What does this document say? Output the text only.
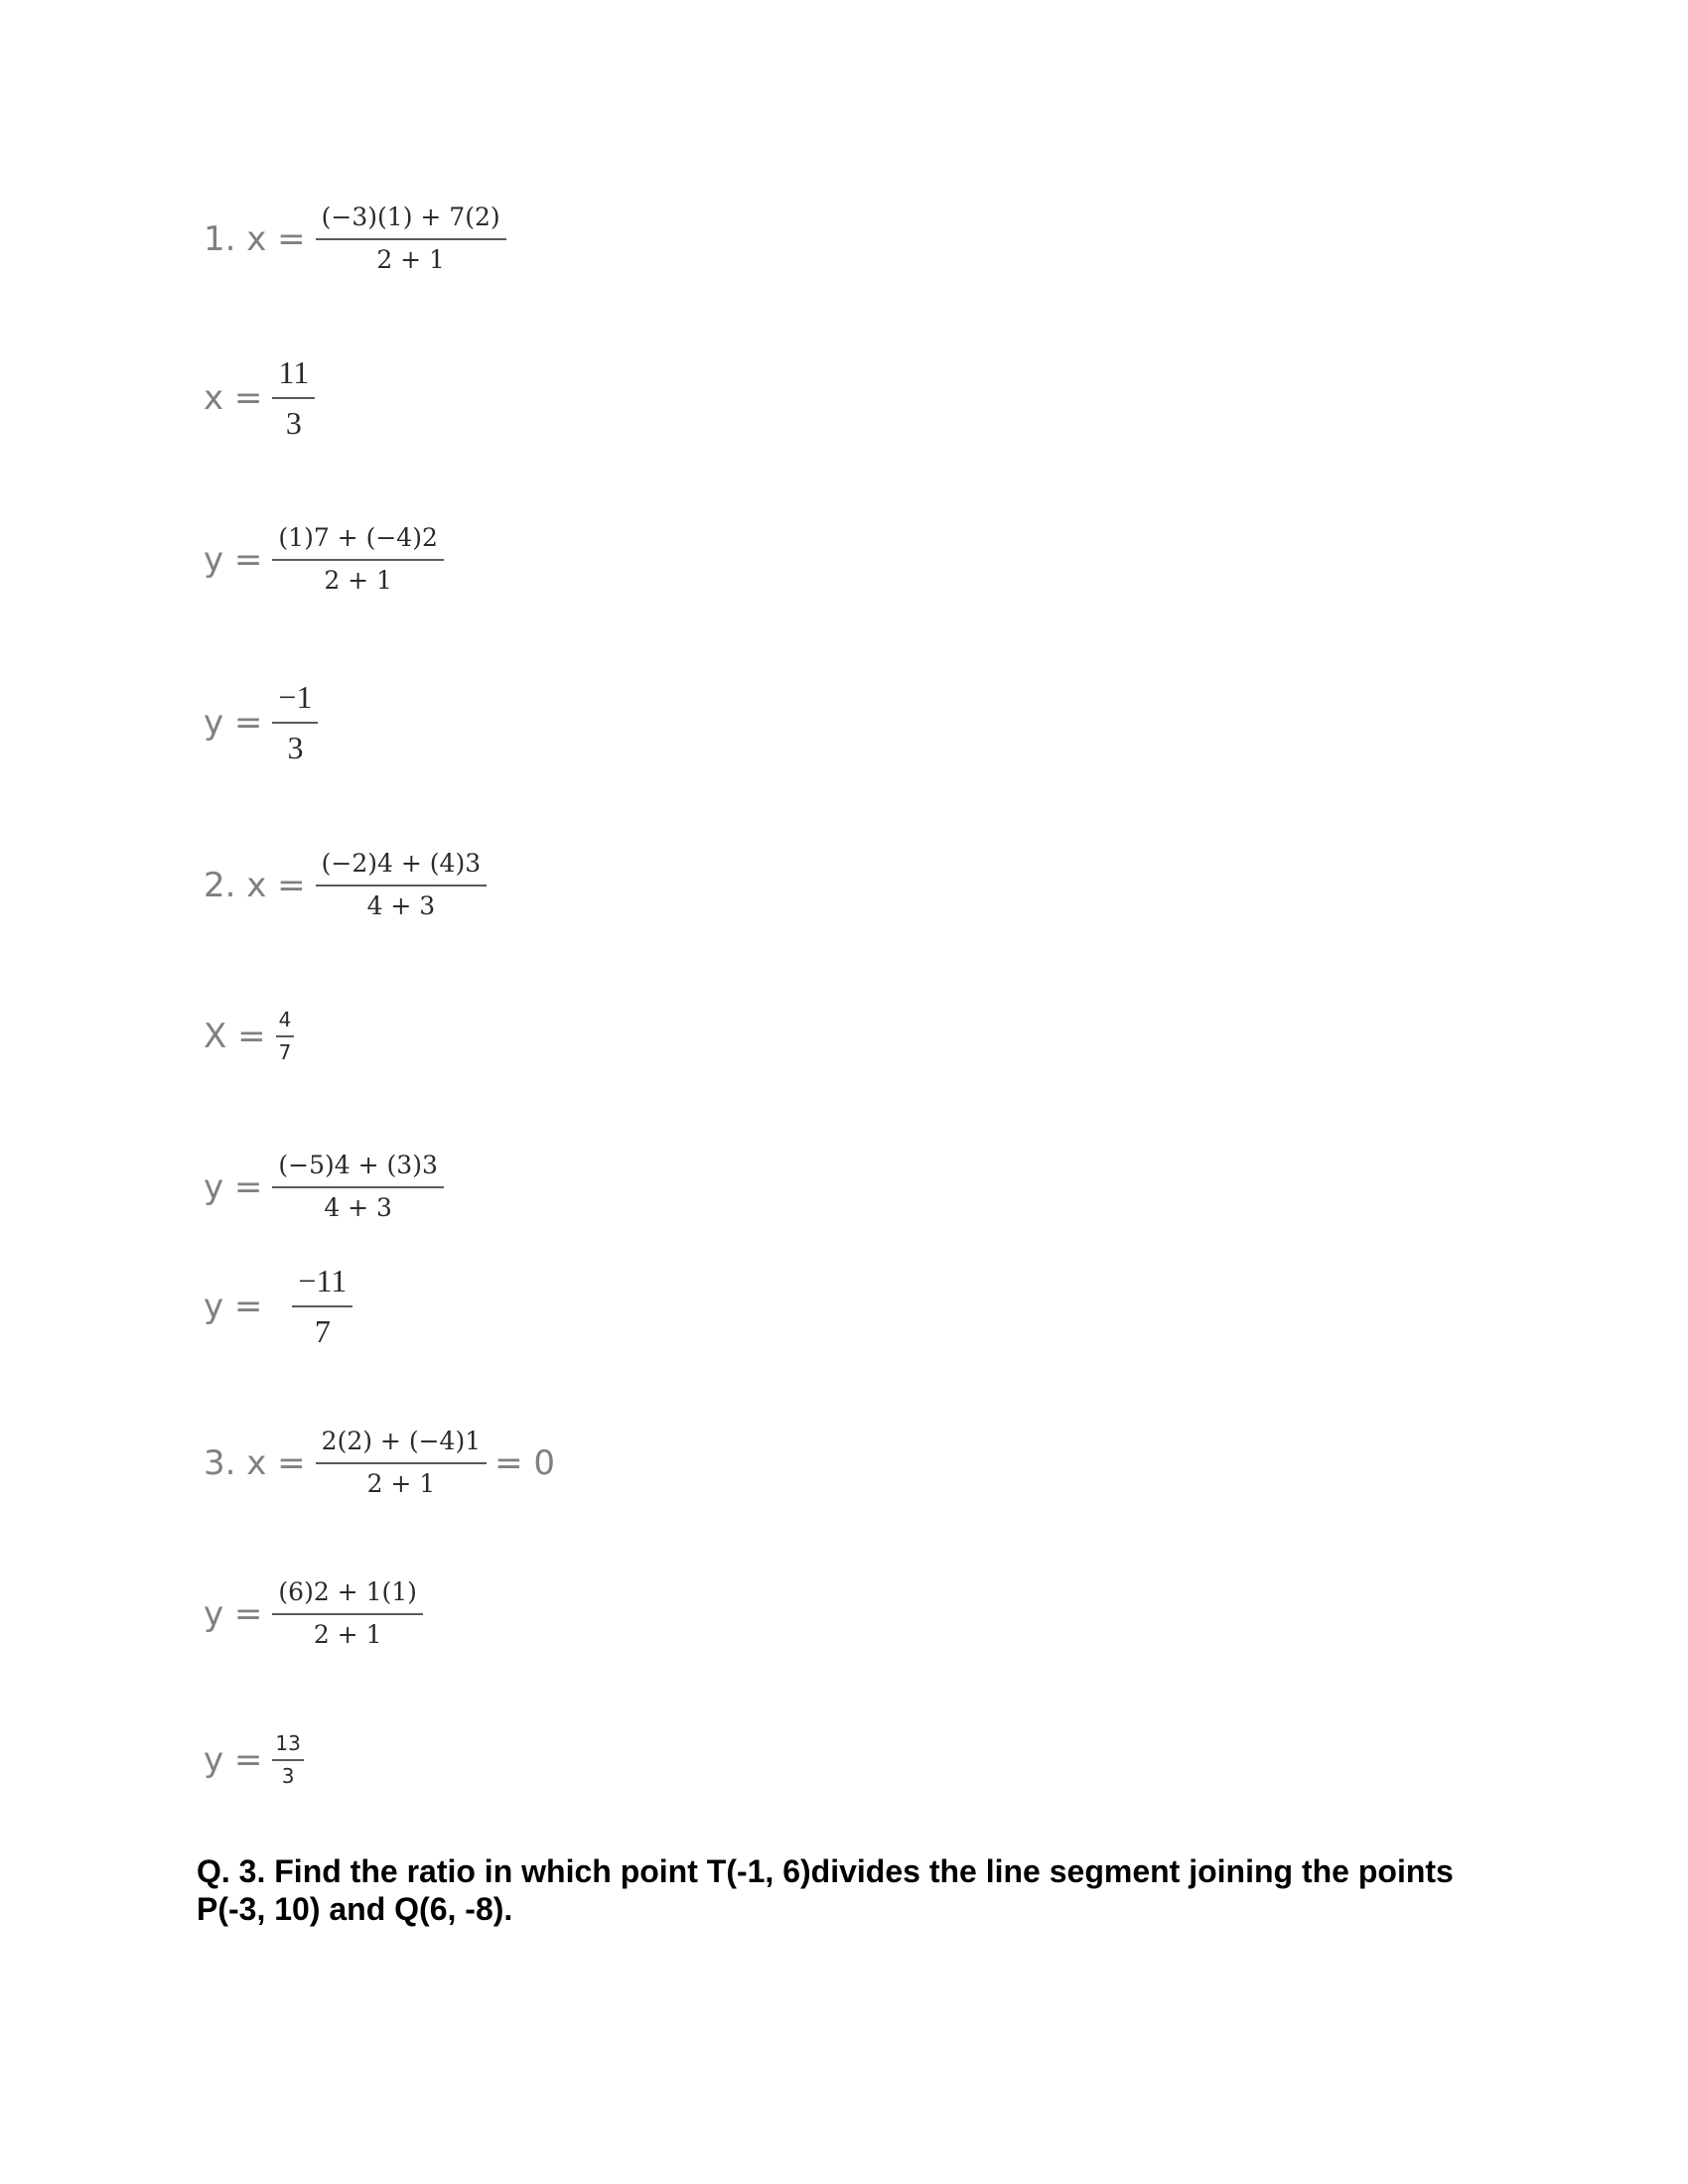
1. $x = \frac{(-3)(1) + 7(2)}{2 + 1}$
$x = \frac{11}{3}$
$y = \frac{(1)7 + (-4)2}{2 + 1}$
$y = \frac{-1}{3}$
2. $x = \frac{(-2)4 + (4)3}{4 + 3}$
$X = \frac{4}{7}$
$y = \frac{(-5)4 + (3)3}{4 + 3}$
$y = \frac{-11}{7}$
3. $x = \frac{2(2) + (-4)1}{2 + 1} = 0$
$y = \frac{(6)2 + 1(1)}{2 + 1}$
$y = \frac{13}{3}$
Q. 3. Find the ratio in which point T(-1, 6)divides the line segment joining the points P(-3, 10) and Q(6, -8).
